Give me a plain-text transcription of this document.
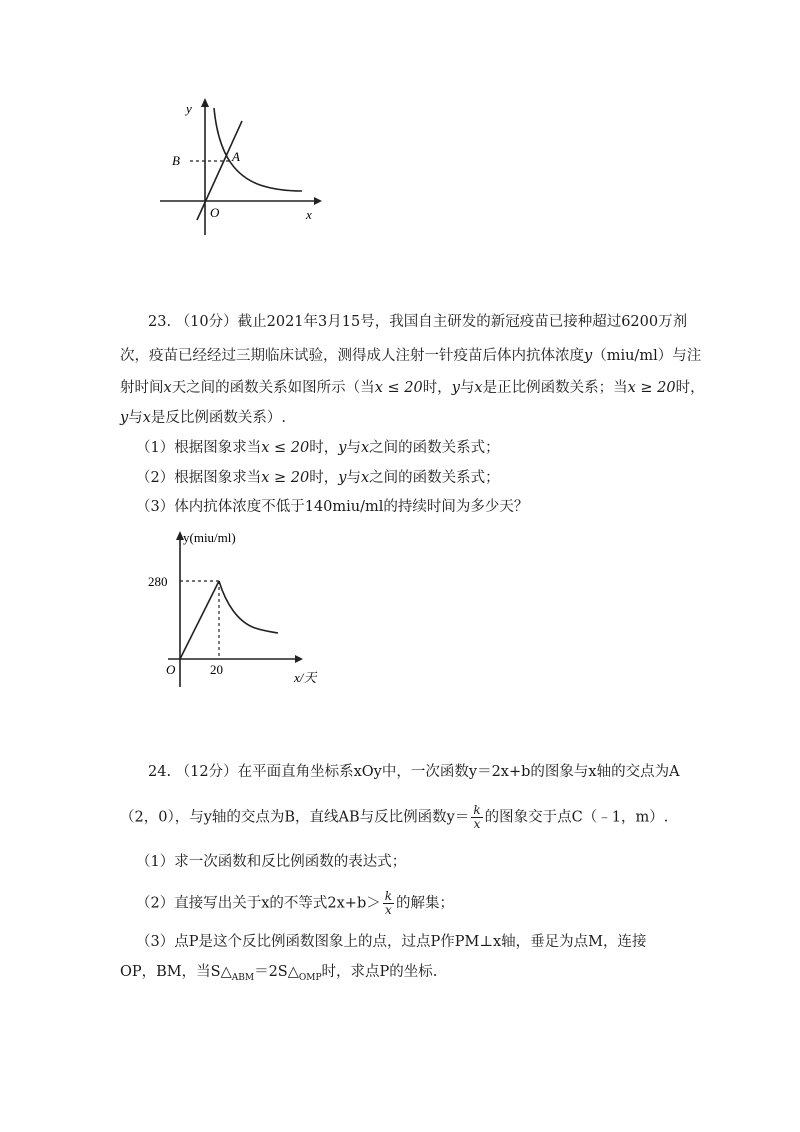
y
B	A
O	x
23. （10分）截止2021年3月15号，我国自主研发的新冠疫苗已接种超过6200万剂
次，疫苗已经经过三期临床试验，测得成人注射一针疫苗后体内抗体浓度y（miu/ml）与注
射时间x天之间的函数关系如图所示（当x ≤ 20时，y与x是正比例函数关系；当x ≥ 20时，
y与x是反比例函数关系）.
（1）根据图象求当x ≤ 20时，y与x之间的函数关系式；
（2）根据图象求当x ≥ 20时，y与x之间的函数关系式；
（3）体内抗体浓度不低于140miu/ml的持续时间为多少天？
y(miu/ml)
280
O	20
x/天
24. （12分）在平面直角坐标系xOy中，一次函数y＝2x+b的图象与x轴的交点为A
（2，0），与y轴的交点为B，直线AB与反比例函数$y= \frac{k}{x}$ 的图象交于点C（﹣1，m）.
（1）求一次函数和反比例函数的表达式；
（2）直接写出关于x的不等式$2x+b> \frac{k}{x}$ 的解集；
（3）点P是这个反比例函数图象上的点，过点P作PM⊥x轴，垂足为点M，连接
OP，BM，当$S\triangle_{ABM}=2S\triangle_{OMP}$时，求点P的坐标.
